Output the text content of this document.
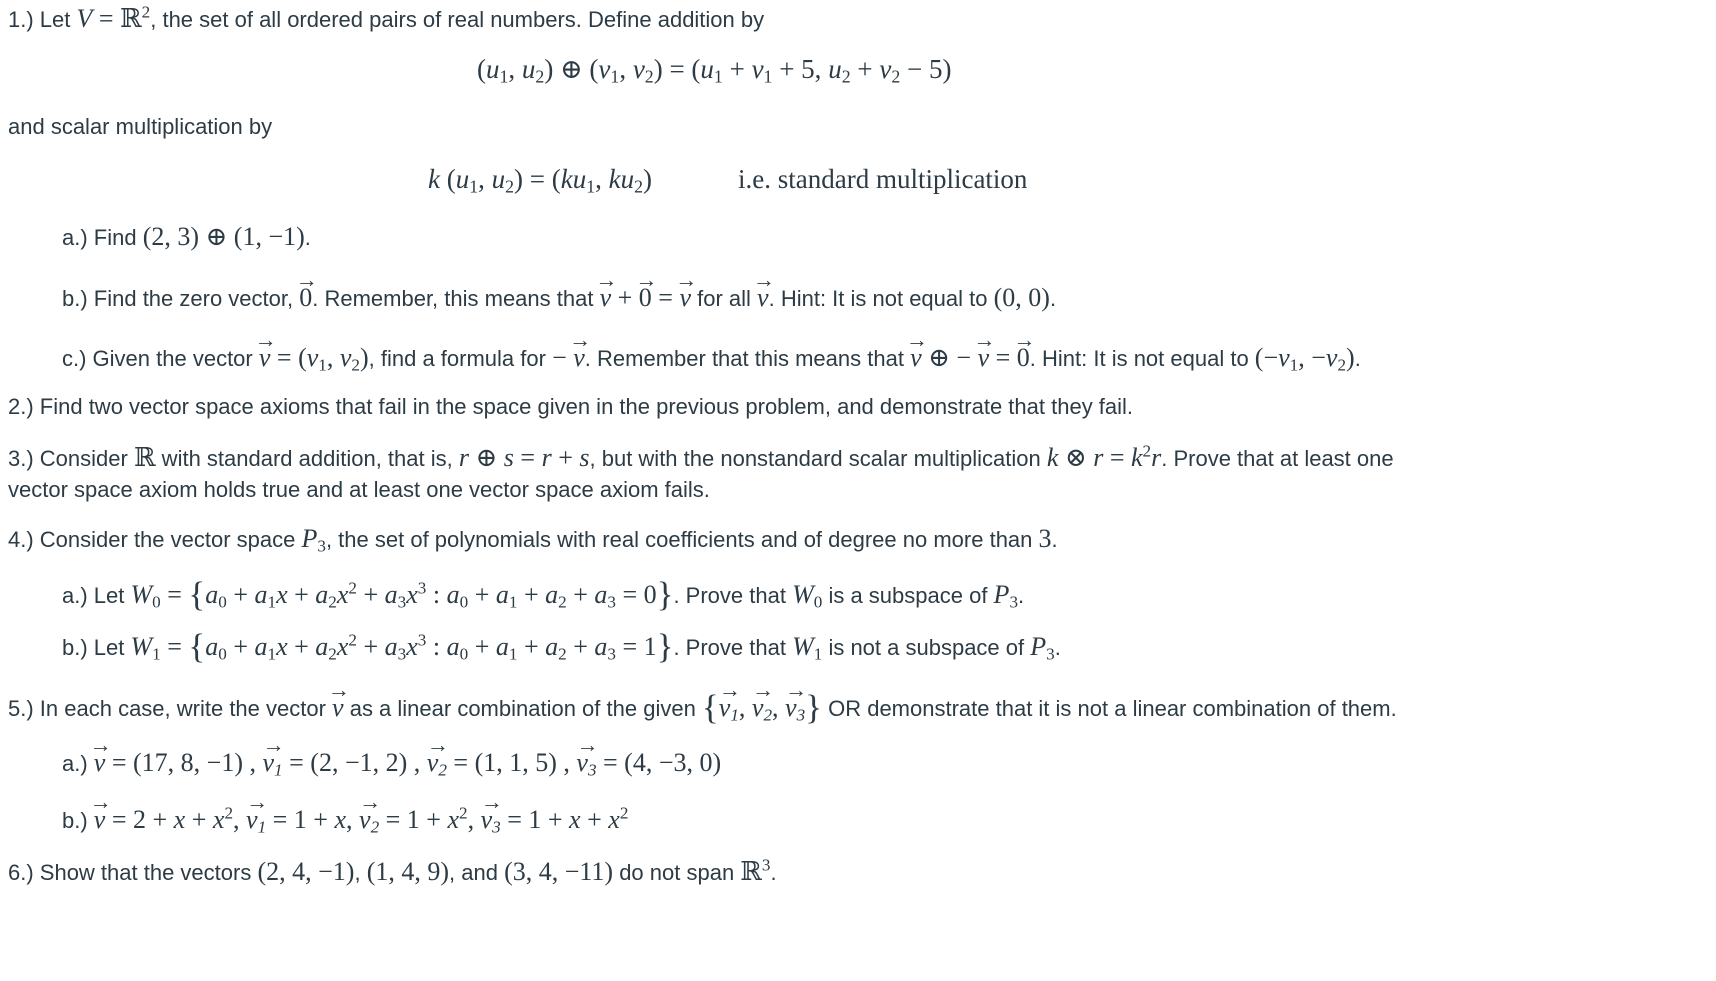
1.) Let V = ℝ$^2$, the set of all ordered pairs of real numbers. Define addition by
($u_1$, $u_2$) ⊕ ($v_1$, $v_2) = (u_1 + v_1 + 5$, $u_2 + v_2 - 5$)
and scalar multiplication by
k ($u_1$, $u_2) = (ku_1$, $ku_2$)	i.e. standard multiplication
a.) Find (2, 3) ⊕ (1, −1).
b.) Find the zero vector, → 0. Remember, this means that → v + → 0 = → v for all → v. Hint: It is not equal to (0, 0).
c.) Given the vector → $v = (v_1$, $v_2$), find a formula for − → v. Remember that this means that → v ⊕ − → v = → 0. Hint: It is not equal to ($-v_1$, $-v_2$).
2.) Find two vector space axioms that fail in the space given in the previous problem, and demonstrate that they fail.
3.) Consider ℝ with standard addition, that is, r ⊕ s = r + s, but with the nonstandard scalar multiplication k ⊗ $r = k^2r$. Prove that at least one
vector space axiom holds true and at least one vector space axiom fails.
4.) Consider the vector space $P_3$, the set of polynomials with real coefficients and of degree no more than 3.
a.) Let $W_0 = \{a_0 + a_1x + a_2x^2 + a_3x^3$ : $a_0 + a_1 + a_2 + a_3 = 0$}. Prove that $W_0$ is a subspace of $P_3$.
b.) Let $W_1 = \{a_0 + a_1x + a_2x^2 + a_3x^3$ : $a_0 + a_1 + a_2 + a_3 = 1$}. Prove that $W_1$ is not a subspace of $P_3$.
5.) In each case, write the vector → v as a linear combination of the given {→ $v_1$, → $v_2$, → $v_3$} OR demonstrate that it is not a linear combination of them.
a.) → v = (17, 8, −1) , → $v_1 = (2$, −1, 2) , → $v_2 = (1$, 1, 5) , → $v_3 = (4$, −3, 0)
$b.) \to v = 2 + x + x^2$, → $v_1 = 1 + x$, → $v_2 = 1 + x^2$, → $v_3 = 1 + x + x^2$
6.) Show that the vectors (2, 4, −1), (1, 4, 9), and (3, 4, −11) do not span ℝ$^3$.
